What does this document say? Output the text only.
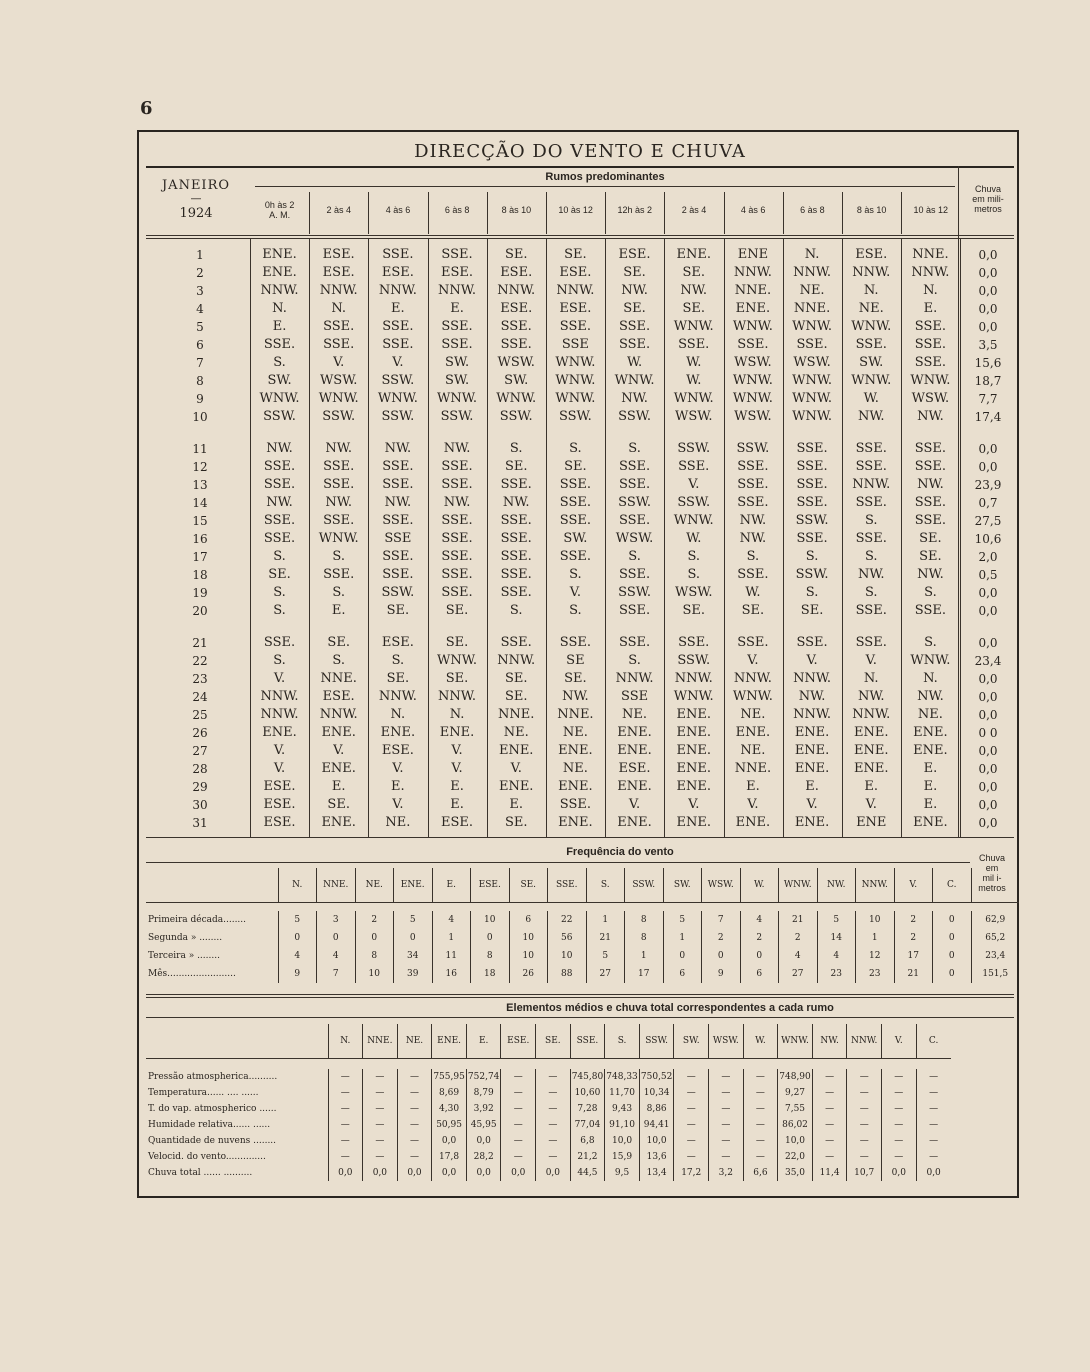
6
DIRECÇÃO DO VENTO E CHUVA
JANEIRO
—
1924
Rumos predominantes
Chuva
em mili-
metros
0h às 2
A. M.	2 às 4	4 às 6	6 às 8	8 às 10	10 às 12	12h às 2	2 às 4	4 às 6	6 às 8	8 às 10	10 às 12
1	ENE.	ESE.	SSE.	SSE.	SE.	SE.	ESE.	ENE.	ENE	N.	ESE.	NNE.	0,0
2	ENE.	ESE.	ESE.	ESE.	ESE.	ESE.	SE.	SE.	NNW.	NNW.	NNW.	NNW.	0,0
3	NNW.	NNW.	NNW.	NNW.	NNW.	NNW.	NW.	NW.	NNE.	NE.	N.	N.	0,0
4	N.	N.	E.	E.	ESE.	ESE.	SE.	SE.	ENE.	NNE.	NE.	E.	0,0
5	E.	SSE.	SSE.	SSE.	SSE.	SSE.	SSE.	WNW.	WNW.	WNW.	WNW.	SSE.	0,0
6	SSE.	SSE.	SSE.	SSE.	SSE.	SSE	SSE.	SSE.	SSE.	SSE.	SSE.	SSE.	3,5
7	S.	V.	V.	SW.	WSW.	WNW.	W.	W.	WSW.	WSW.	SW.	SSE.	15,6
8	SW.	WSW.	SSW.	SW.	SW.	WNW.	WNW.	W.	WNW.	WNW.	WNW.	WNW.	18,7
9	WNW.	WNW.	WNW.	WNW.	WNW.	WNW.	NW.	WNW.	WNW.	WNW.	W.	WSW.	7,7
10	SSW.	SSW.	SSW.	SSW.	SSW.	SSW.	SSW.	WSW.	WSW.	WNW.	NW.	NW.	17,4

11	NW.	NW.	NW.	NW.	S.	S.	S.	SSW.	SSW.	SSE.	SSE.	SSE.	0,0
12	SSE.	SSE.	SSE.	SSE.	SE.	SE.	SSE.	SSE.	SSE.	SSE.	SSE.	SSE.	0,0
13	SSE.	SSE.	SSE.	SSE.	SSE.	SSE.	SSE.	V.	SSE.	SSE.	NNW.	NW.	23,9
14	NW.	NW.	NW.	NW.	NW.	SSE.	SSW.	SSW.	SSE.	SSE.	SSE.	SSE.	0,7
15	SSE.	SSE.	SSE.	SSE.	SSE.	SSE.	SSE.	WNW.	NW.	SSW.	S.	SSE.	27,5
16	SSE.	WNW.	SSE	SSE.	SSE.	SW.	WSW.	W.	NW.	SSE.	SSE.	SE.	10,6
17	S.	S.	SSE.	SSE.	SSE.	SSE.	S.	S.	S.	S.	S.	SE.	2,0
18	SE.	SSE.	SSE.	SSE.	SSE.	S.	SSE.	S.	SSE.	SSW.	NW.	NW.	0,5
19	S.	S.	SSW.	SSE.	SSE.	V.	SSW.	WSW.	W.	S.	S.	S.	0,0
20	S.	E.	SE.	SE.	S.	S.	SSE.	SE.	SE.	SE.	SSE.	SSE.	0,0

21	SSE.	SE.	ESE.	SE.	SSE.	SSE.	SSE.	SSE.	SSE.	SSE.	SSE.	S.	0,0
22	S.	S.	S.	WNW.	NNW.	SE	S.	SSW.	V.	V.	V.	WNW.	23,4
23	V.	NNE.	SE.	SE.	SE.	SE.	NNW.	NNW.	NNW.	NNW.	N.	N.	0,0
24	NNW.	ESE.	NNW.	NNW.	SE.	NW.	SSE	WNW.	WNW.	NW.	NW.	NW.	0,0
25	NNW.	NNW.	N.	N.	NNE.	NNE.	NE.	ENE.	NE.	NNW.	NNW.	NE.	0,0
26	ENE.	ENE.	ENE.	ENE.	NE.	NE.	ENE.	ENE.	ENE.	ENE.	ENE.	ENE.	0 0
27	V.	V.	ESE.	V.	ENE.	ENE.	ENE.	ENE.	NE.	ENE.	ENE.	ENE.	0,0
28	V.	ENE.	V.	V.	V.	NE.	ESE.	ENE.	NNE.	ENE.	ENE.	E.	0,0
29	ESE.	E.	E.	E.	ENE.	ENE.	ENE.	ENE.	E.	E.	E.	E.	0,0
30	ESE.	SE.	V.	E.	E.	SSE.	V.	V.	V.	V.	V.	E.	0,0
31	ESE.	ENE.	NE.	ESE.	SE.	ENE.	ENE.	ENE.	ENE.	ENE.	ENE	ENE.	0,0
Frequência do vento	Chuva
em
mil i-
metros
	N.	NNE.	NE.	ENE.	E.	ESE.	SE.	SSE.	S.	SSW.	SW.	WSW.	W.	WNW.	NW.	NNW.	V.	C.	

Primeira década........	5	3	2	5	4	10	6	22	1	8	5	7	4	21	5	10	2	0	62,9
Segunda » ........	0	0	0	0	1	0	10	56	21	8	1	2	2	2	14	1	2	0	65,2
Terceira » ........	4	4	8	34	11	8	10	10	5	1	0	0	0	4	4	12	17	0	23,4
Mês........................	9	7	10	39	16	18	26	88	27	17	6	9	6	27	23	23	21	0	151,5
Elementos médios e chuva total correspondentes a cada rumo
	N.	NNE.	NE.	ENE.	E.	ESE.	SE.	SSE.	S.	SSW.	SW.	WSW.	W.	WNW.	NW.	NNW.	V.	C.

Pressão atmospherica..........	—	—	—	755,95	752,74	—	—	745,80	748,33	750,52	—	—	—	748,90	—	—	—	—
Temperatura...... .... ......	—	—	—	8,69	8,79	—	—	10,60	11,70	10,34	—	—	—	9,27	—	—	—	—
T. do vap. atmospherico ......	—	—	—	4,30	3,92	—	—	7,28	9,43	8,86	—	—	—	7,55	—	—	—	—
Humidade relativa...... ......	—	—	—	50,95	45,95	—	—	77,04	91,10	94,41	—	—	—	86,02	—	—	—	—
Quantidade de nuvens ........	—	—	—	0,0	0,0	—	—	6,8	10,0	10,0	—	—	—	10,0	—	—	—	—
Velocid. do vento..............	—	—	—	17,8	28,2	—	—	21,2	15,9	13,6	—	—	—	22,0	—	—	—	—
Chuva total ...... ..........	0,0	0,0	0,0	0,0	0,0	0,0	0,0	44,5	9,5	13,4	17,2	3,2	6,6	35,0	11,4	10,7	0,0	0,0
